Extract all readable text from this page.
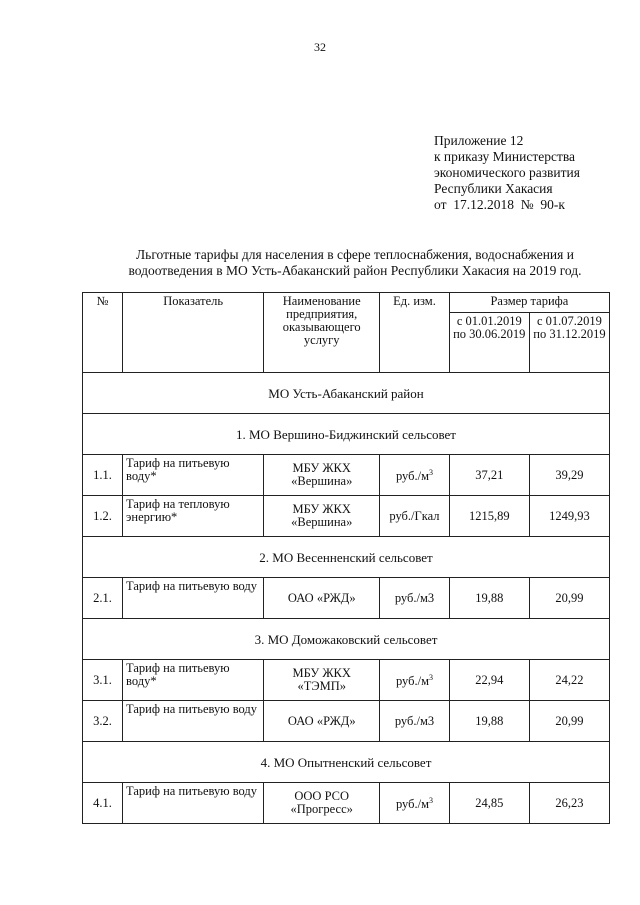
32
Приложение 12
к приказу Министерства
экономического развития
Республики Хакасия
от  17.12.2018  №  90-к
Льготные тарифы для населения в сфере теплоснабжения, водоснабжения и водоотведения в МО Усть-Абаканский район Республики Хакасия на 2019 год.
№	Показатель	Наименование предприятия, оказывающего услугу	Ед. изм.	Размер тарифа	
				с 01.01.2019 по 30.06.2019	с 01.07.2019 по 31.12.2019
МО Усть-Абаканский район					
1. МО Вершино-Биджинский сельсовет					
1.1.	Тариф на питьевую воду*	МБУ ЖКХ «Вершина»	$руб./м^3$	37,21	39,29
1.2.	Тариф на тепловую энергию*	МБУ ЖКХ «Вершина»	руб./Гкал	1215,89	1249,93
2. МО Весенненский сельсовет					
2.1.	Тариф на питьевую воду	ОАО «РЖД»	руб./м3	19,88	20,99
3. МО Доможаковский сельсовет					
3.1.	Тариф на питьевую воду*	МБУ ЖКХ «ТЭМП»	$руб./м^3$	22,94	24,22
3.2.	Тариф на питьевую воду	ОАО «РЖД»	руб./м3	19,88	20,99
4. МО Опытненский сельсовет					
4.1.	Тариф на питьевую воду	ООО РСО «Прогресс»	$руб./м^3$	24,85	26,23
